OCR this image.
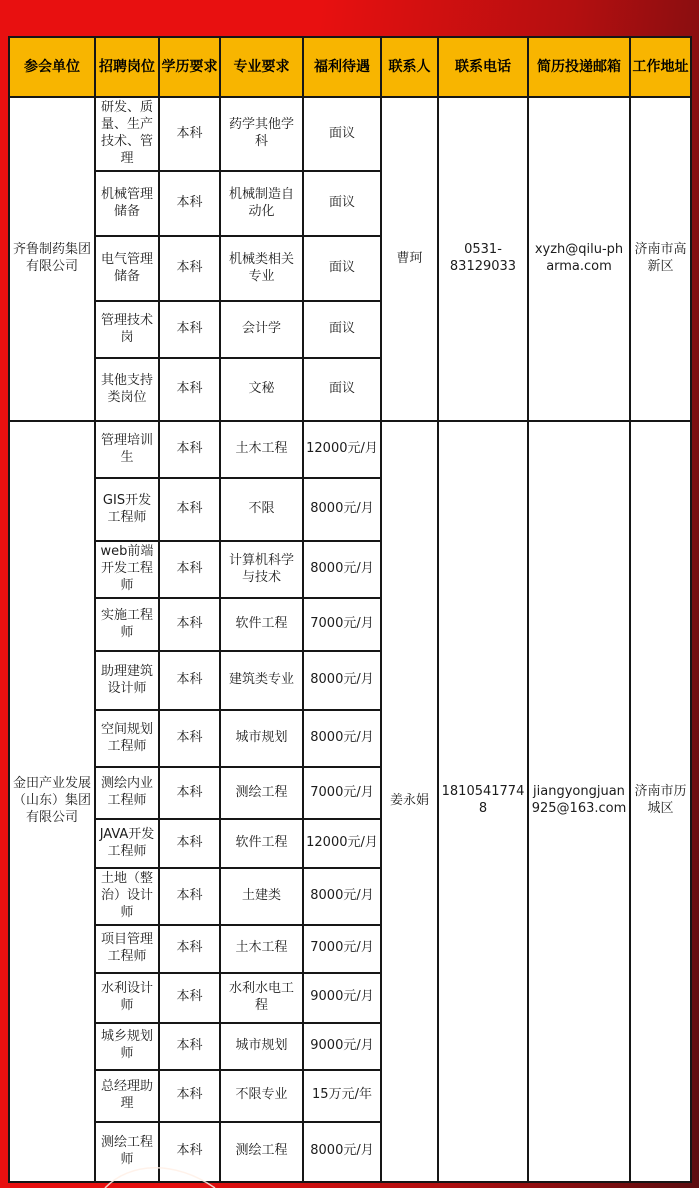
参会单位	招聘岗位	学历要求	专业要求	福利待遇	联系人	联系电话	简历投递邮箱	工作地址
齐鲁制药集团有限公司	研发、质量、生产技术、管理	本科	药学其他学科	面议	曹珂	0531-83129033	xyzh@qilu-pharma.com	济南市高新区
	机械管理储备	本科	机械制造自动化	面议				
	电气管理储备	本科	机械类相关专业	面议				
	管理技术岗	本科	会计学	面议				
	其他支持类岗位	本科	文秘	面议				
金田产业发展（山东）集团有限公司	管理培训生	本科	土木工程	12000元/月	姜永娟	18105417748	jiangyongjuan925@163.com	济南市历城区
	GIS开发工程师	本科	不限	8000元/月				
	web前端开发工程师	本科	计算机科学与技术	8000元/月				
	实施工程师	本科	软件工程	7000元/月				
	助理建筑设计师	本科	建筑类专业	8000元/月				
	空间规划工程师	本科	城市规划	8000元/月				
	测绘内业工程师	本科	测绘工程	7000元/月				
	JAVA开发工程师	本科	软件工程	12000元/月				
	土地（整治）设计师	本科	土建类	8000元/月				
	项目管理工程师	本科	土木工程	7000元/月				
	水利设计师	本科	水利水电工程	9000元/月				
	城乡规划师	本科	城市规划	9000元/月				
	总经理助理	本科	不限专业	15万元/年				
	测绘工程师	本科	测绘工程	8000元/月				
